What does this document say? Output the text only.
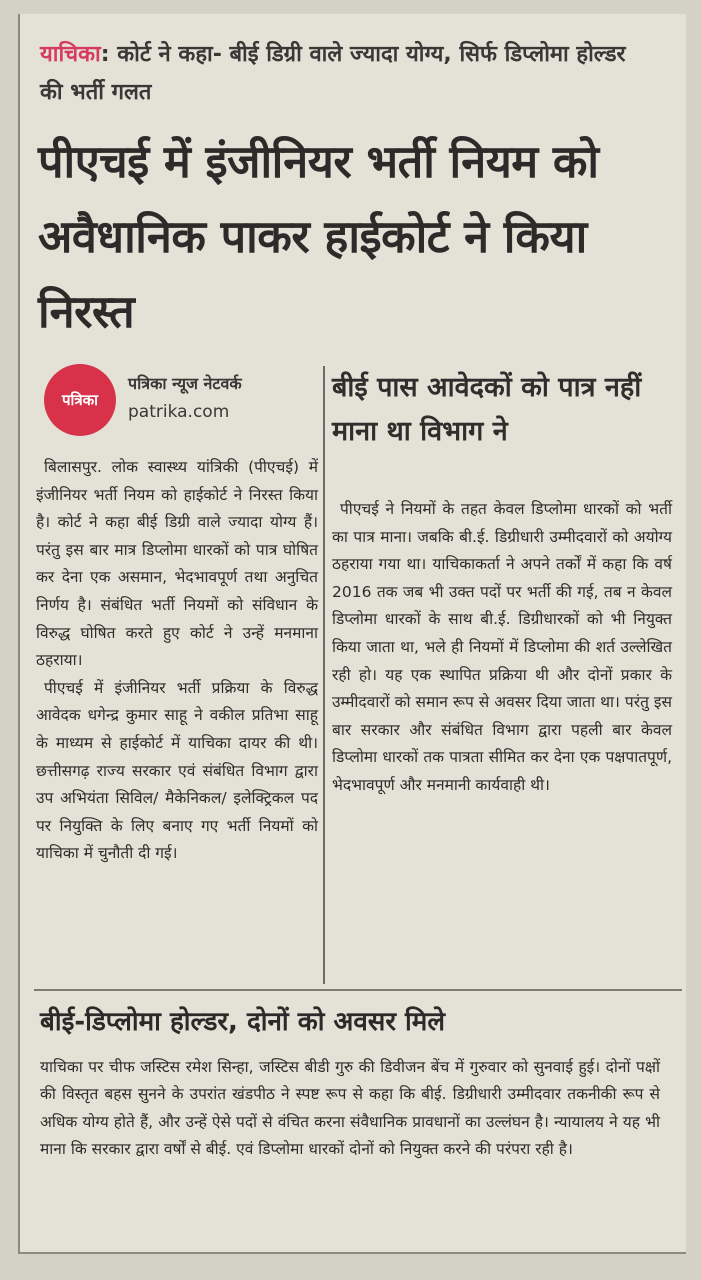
याचिका: कोर्ट ने कहा- बीई डिग्री वाले ज्यादा योग्य, सिर्फ डिप्लोमा होल्डर की भर्ती गलत
पीएचई में इंजीनियर भर्ती नियम को अवैधानिक पाकर हाईकोर्ट ने किया निरस्त
पत्रिका
पत्रिका न्यूज नेटवर्क
patrika.com
बीई पास आवेदकों को पात्र नहीं माना था विभाग ने

बिलासपुर. लोक स्वास्थ्य यांत्रिकी (पीएचई) में इंजीनियर भर्ती नियम को हाईकोर्ट ने निरस्त किया है। कोर्ट ने कहा बीई डिग्री वाले ज्यादा योग्य हैं। परंतु इस बार मात्र डिप्लोमा धारकों को पात्र घोषित कर देना एक असमान, भेदभावपूर्ण तथा अनुचित निर्णय है। संबंधित भर्ती नियमों को संविधान के विरुद्ध घोषित करते हुए कोर्ट ने उन्हें मनमाना ठहराया।

पीएचई में इंजीनियर भर्ती प्रक्रिया के विरुद्ध आवेदक धगेन्द्र कुमार साहू ने वकील प्रतिभा साहू के माध्यम से हाईकोर्ट में याचिका दायर की थी। छत्तीसगढ़ राज्य सरकार एवं संबंधित विभाग द्वारा उप अभियंता सिविल/ मैकेनिकल/ इलेक्ट्रिकल पद पर नियुक्ति के लिए बनाए गए भर्ती नियमों को याचिका में चुनौती दी गई।

पीएचई ने नियमों के तहत केवल डिप्लोमा धारकों को भर्ती का पात्र माना। जबकि बी.ई. डिग्रीधारी उम्मीदवारों को अयोग्य ठहराया गया था। याचिकाकर्ता ने अपने तर्कों में कहा कि वर्ष 2016 तक जब भी उक्त पदों पर भर्ती की गई, तब न केवल डिप्लोमा धारकों के साथ बी.ई. डिग्रीधारकों को भी नियुक्त किया जाता था, भले ही नियमों में डिप्लोमा की शर्त उल्लेखित रही हो। यह एक स्थापित प्रक्रिया थी और दोनों प्रकार के उम्मीदवारों को समान रूप से अवसर दिया जाता था। परंतु इस बार सरकार और संबंधित विभाग द्वारा पहली बार केवल डिप्लोमा धारकों तक पात्रता सीमित कर देना एक पक्षपातपूर्ण, भेदभावपूर्ण और मनमानी कार्यवाही थी।

बीई-डिप्लोमा होल्डर, दोनों को अवसर मिले

याचिका पर चीफ जस्टिस रमेश सिन्हा, जस्टिस बीडी गुरु की डिवीजन बेंच में गुरुवार को सुनवाई हुई। दोनों पक्षों की विस्तृत बहस सुनने के उपरांत खंडपीठ ने स्पष्ट रूप से कहा कि बीई. डिग्रीधारी उम्मीदवार तकनीकी रूप से अधिक योग्य होते हैं, और उन्हें ऐसे पदों से वंचित करना संवैधानिक प्रावधानों का उल्लंघन है। न्यायालय ने यह भी माना कि सरकार द्वारा वर्षों से बीई. एवं डिप्लोमा धारकों दोनों को नियुक्त करने की परंपरा रही है।
